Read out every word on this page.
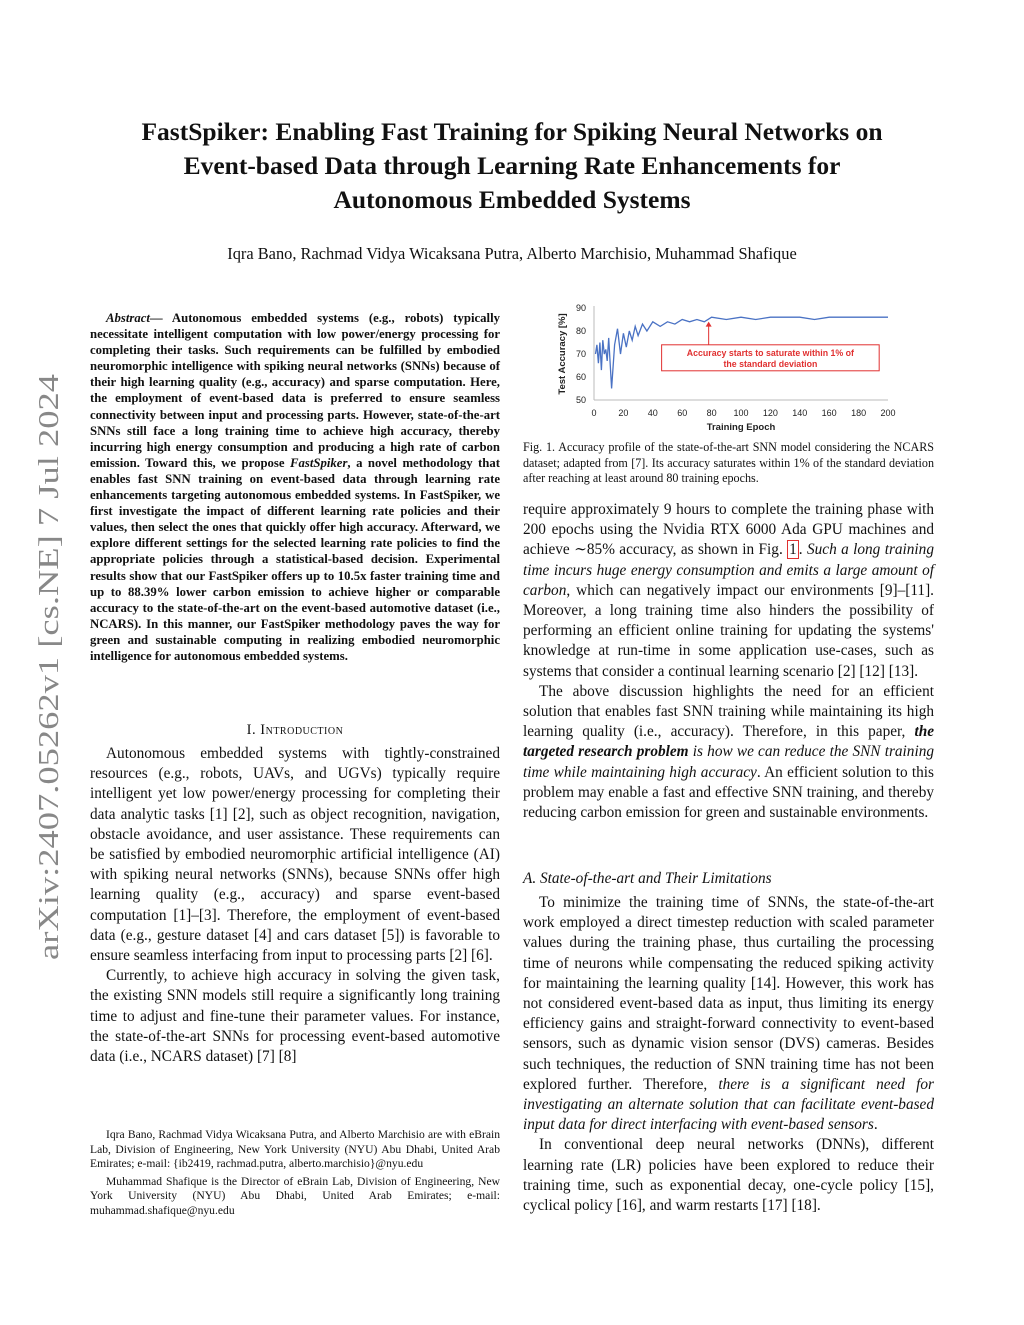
arXiv:2407.05262v1 [cs.NE] 7 Jul 2024
FastSpiker: Enabling Fast Training for Spiking Neural Networks on
Event-based Data through Learning Rate Enhancements for
Autonomous Embedded Systems
Iqra Bano, Rachmad Vidya Wicaksana Putra, Alberto Marchisio, Muhammad Shafique
Abstract— Autonomous embedded systems (e.g., robots) typically necessitate intelligent computation with low power/energy processing for completing their tasks. Such requirements can be fulfilled by embodied neuromorphic intelligence with spiking neural networks (SNNs) because of their high learning quality (e.g., accuracy) and sparse computation. Here, the employment of event-based data is preferred to ensure seamless connectivity between input and processing parts. However, state-of-the-art SNNs still face a long training time to achieve high accuracy, thereby incurring high energy consumption and producing a high rate of carbon emission. Toward this, we propose FastSpiker, a novel methodology that enables fast SNN training on event-based data through learning rate enhancements targeting autonomous embedded systems. In FastSpiker, we first investigate the impact of different learning rate policies and their values, then select the ones that quickly offer high accuracy. Afterward, we explore different settings for the selected learning rate policies to find the appropriate policies through a statistical-based decision. Experimental results show that our FastSpiker offers up to 10.5x faster training time and up to 88.39% lower carbon emission to achieve higher or comparable accuracy to the state-of-the-art on the event-based automotive dataset (i.e., NCARS). In this manner, our FastSpiker methodology paves the way for green and sustainable computing in realizing embodied neuromorphic intelligence for autonomous embedded systems.
I. Introduction

Autonomous embedded systems with tightly-constrained resources (e.g., robots, UAVs, and UGVs) typically require intelligent yet low power/energy processing for completing their data analytic tasks [1] [2], such as object recognition, navigation, obstacle avoidance, and user assistance. These requirements can be satisfied by embodied neuromorphic artificial intelligence (AI) with spiking neural networks (SNNs), because SNNs offer high learning quality (e.g., accuracy) and sparse event-based computation [1]–[3]. Therefore, the employment of event-based data (e.g., gesture dataset [4] and cars dataset [5]) is favorable to ensure seamless interfacing from input to processing parts [2] [6].

Currently, to achieve high accuracy in solving the given task, the existing SNN models still require a significantly long training time to adjust and fine-tune their parameter values. For instance, the state-of-the-art SNNs for processing event-based automotive data (i.e., NCARS dataset) [7] [8]

Iqra Bano, Rachmad Vidya Wicaksana Putra, and Alberto Marchisio are with eBrain Lab, Division of Engineering, New York University (NYU) Abu Dhabi, United Arab Emirates; e-mail: {ib2419, rachmad.putra, alberto.marchisio}@nyu.edu

Muhammad Shafique is the Director of eBrain Lab, Division of Engineering, New York University (NYU) Abu Dhabi, United Arab Emirates; e-mail: muhammad.shafique@nyu.edu

50
60
70
80
90
0 20 40 60 80 100 120 140 160 180 200
Training Epoch
Test Accuracy [%]	Accuracy starts to saturate within 1% of
the standard deviation
Fig. 1. Accuracy profile of the state-of-the-art SNN model considering the NCARS dataset; adapted from [7]. Its accuracy saturates within 1% of the standard deviation after reaching at least around 80 training epochs.

require approximately 9 hours to complete the training phase with 200 epochs using the Nvidia RTX 6000 Ada GPU machines and achieve ∼85% accuracy, as shown in Fig. 1 . Such a long training time incurs huge energy consumption and emits a large amount of carbon, which can negatively impact our environments [9]–[11]. Moreover, a long training time also hinders the possibility of performing an efficient online training for updating the systems' knowledge at run-time in some application use-cases, such as systems that consider a continual learning scenario [2] [12] [13].

The above discussion highlights the need for an efficient solution that enables fast SNN training while maintaining its high learning quality (i.e., accuracy). Therefore, in this paper, the targeted research problem is how we can reduce the SNN training time while maintaining high accuracy. An efficient solution to this problem may enable a fast and effective SNN training, and thereby reducing carbon emission for green and sustainable environments.

A. State-of-the-art and Their Limitations

To minimize the training time of SNNs, the state-of-the-art work employed a direct timestep reduction with scaled parameter values during the training phase, thus curtailing the processing time of neurons while compensating the reduced spiking activity for maintaining the learning quality [14]. However, this work has not considered event-based data as input, thus limiting its energy efficiency gains and straight-forward connectivity to event-based sensors, such as dynamic vision sensor (DVS) cameras. Besides such techniques, the reduction of SNN training time has not been explored further. Therefore, there is a significant need for investigating an alternate solution that can facilitate event-based input data for direct interfacing with event-based sensors.

In conventional deep neural networks (DNNs), different learning rate (LR) policies have been explored to reduce their training time, such as exponential decay, one-cycle policy [15], cyclical policy [16], and warm restarts [17] [18].
